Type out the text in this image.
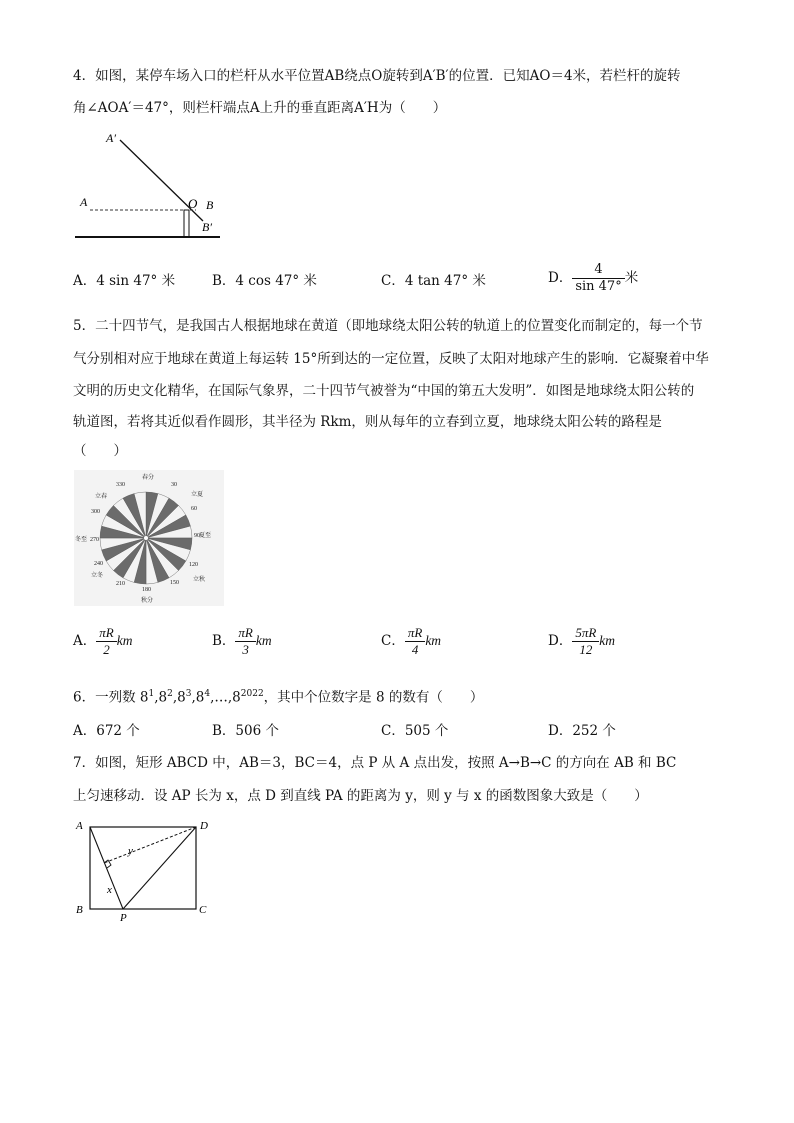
4．如图，某停车场入口的栏杆从水平位置AB绕点O旋转到A′B′的位置．已知AO＝4米，若栏杆的旋转
角∠AOA′＝47°，则栏杆端点A上升的垂直距离A′H为（　　）
A′
A	O B
B′
A．4 sin 47° 米	B．4 cos 47° 米	C．4 tan 47° 米	D． $\frac{4}{\sin 47^\circ}$ 米
5．二十四节气，是我国古人根据地球在黄道（即地球绕太阳公转的轨道上的位置变化而制定的，每一个节
气分别相对应于地球在黄道上每运转 15°所到达的一定位置，反映了太阳对地球产生的影响．它凝聚着中华
文明的历史文化精华，在国际气象界，二十四节气被誉为“中国的第五大发明”．如图是地球绕太阳公转的
轨道图，若将其近似看作圆形，其半径为 Rkm，则从每年的立春到立夏，地球绕太阳公转的路程是
（　　）
春分
30
立夏
60
夏至
90
120
立秋
150
180
秋分
210
立冬
240
冬至 270
300
立春
330
A． $\frac{\pi R}{2}$ km	B． $\frac{\pi R}{3}$ km	C． $\frac{\pi R}{4}$ km	D． $\frac{5\pi R}{12}$ km
6．一列数 $8^1,8^2,8^3,8^4,\dots,8^{2022}$，其中个位数字是 8 的数有（　　）
A．672 个	B．506 个	C．505 个	D．252 个
7．如图，矩形 ABCD 中，AB＝3，BC＝4，点 P 从 A 点出发，按照 A→B→C 的方向在 AB 和 BC
上匀速移动．设 AP 长为 x，点 D 到直线 PA 的距离为 y，则 y 与 x 的函数图象大致是（　　）
A	D
B	C
P
x
y
